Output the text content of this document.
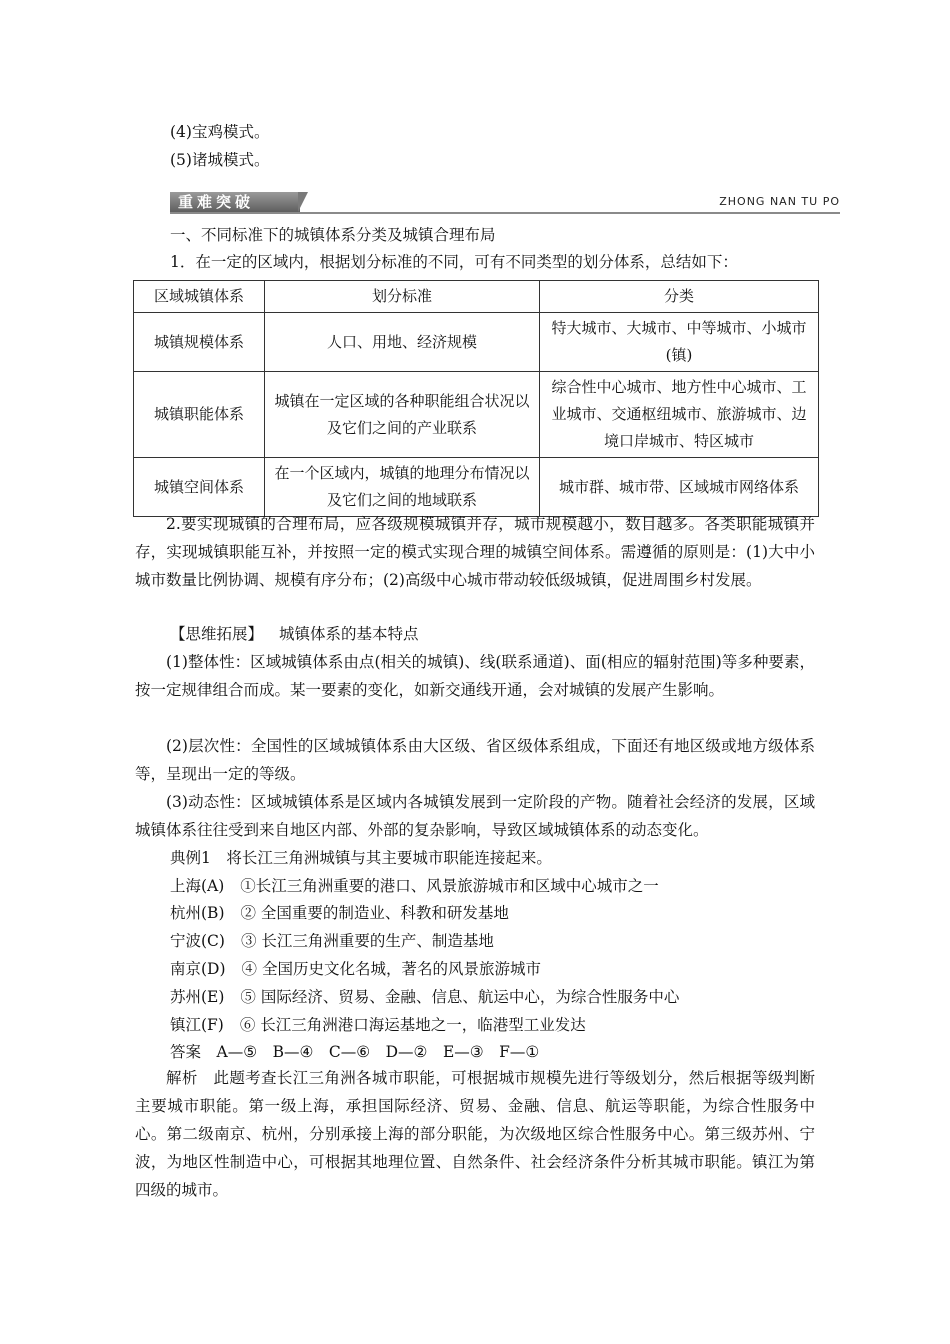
(4)宝鸡模式。
(5)诸城模式。
重难突破	ZHONG NAN TU PO
一、不同标准下的城镇体系分类及城镇合理布局
1．在一定的区域内，根据划分标准的不同，可有不同类型的划分体系，总结如下：
区域城镇体系	划分标准	分类
城镇规模体系	人口、用地、经济规模	特大城市、大城市、中等城市、小城市(镇)
城镇职能体系	城镇在一定区域的各种职能组合状况以及它们之间的产业联系	综合性中心城市、地方性中心城市、工业城市、交通枢纽城市、旅游城市、边境口岸城市、特区城市
城镇空间体系	在一个区域内，城镇的地理分布情况以及它们之间的地域联系	城市群、城市带、区域城市网络体系
2.要实现城镇的合理布局，应各级规模城镇并存，城市规模越小，数目越多。各类职能城镇并存，实现城镇职能互补，并按照一定的模式实现合理的城镇空间体系。需遵循的原则是：(1)大中小城市数量比例协调、规模有序分布；(2)高级中心城市带动较低级城镇，促进周围乡村发展。
【思维拓展】 城镇体系的基本特点
(1)整体性：区域城镇体系由点(相关的城镇)、线(联系通道)、面(相应的辐射范围)等多种要素，按一定规律组合而成。某一要素的变化，如新交通线开通，会对城镇的发展产生影响。
(2)层次性：全国性的区域城镇体系由大区级、省区级体系组成，下面还有地区级或地方级体系等，呈现出一定的等级。
(3)动态性：区域城镇体系是区域内各城镇发展到一定阶段的产物。随着社会经济的发展，区域城镇体系往往受到来自地区内部、外部的复杂影响，导致区域城镇体系的动态变化。
典例1　将长江三角洲城镇与其主要城市职能连接起来。
上海(A) ①长江三角洲重要的港口、风景旅游城市和区域中心城市之一
杭州(B) ② 全国重要的制造业、科教和研发基地
宁波(C) ③ 长江三角洲重要的生产、制造基地
南京(D) ④ 全国历史文化名城，著名的风景旅游城市
苏州(E) ⑤ 国际经济、贸易、金融、信息、航运中心，为综合性服务中心
镇江(F) ⑥ 长江三角洲港口海运基地之一，临港型工业发达
答案　A—⑤　B—④　C—⑥　D—②　E—③　F—①
解析　此题考查长江三角洲各城市职能，可根据城市规模先进行等级划分，然后根据等级判断主要城市职能。第一级上海，承担国际经济、贸易、金融、信息、航运等职能，为综合性服务中心。第二级南京、杭州，分别承接上海的部分职能，为次级地区综合性服务中心。第三级苏州、宁波，为地区性制造中心，可根据其地理位置、自然条件、社会经济条件分析其城市职能。镇江为第四级的城市。
